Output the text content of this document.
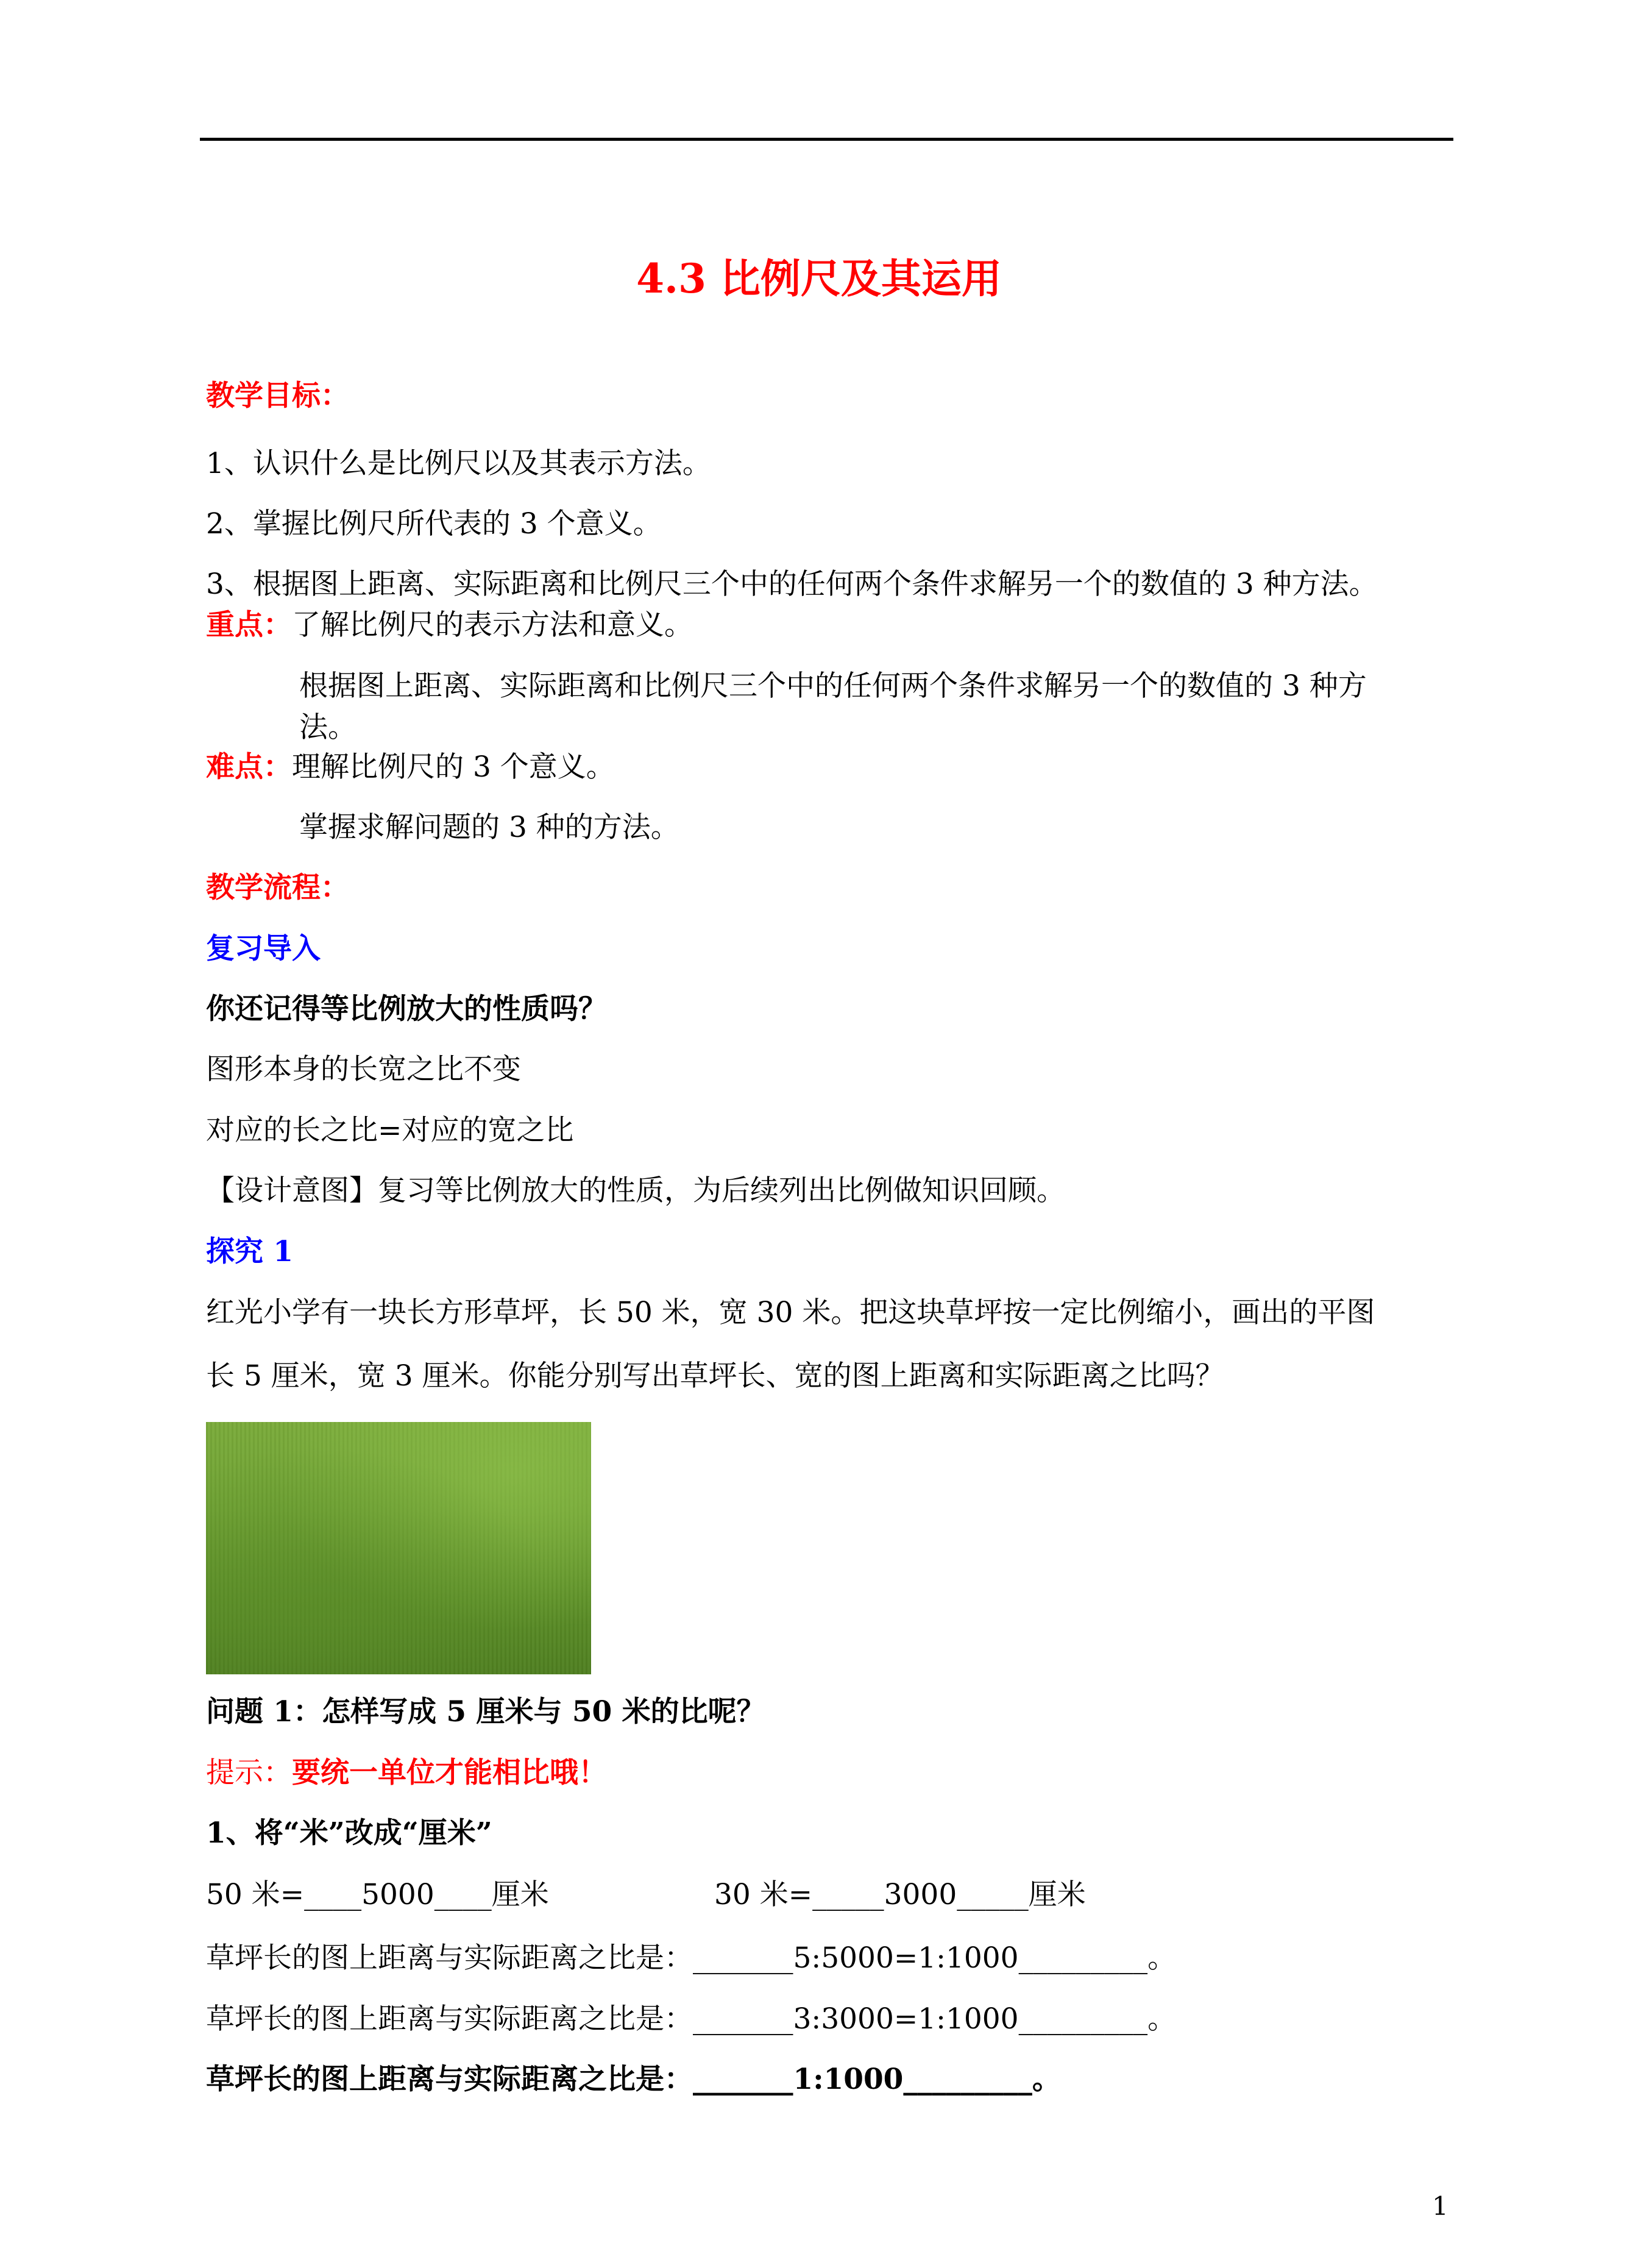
4.3 比例尺及其运用
教学目标：
1、认识什么是比例尺以及其表示方法。
2、掌握比例尺所代表的 3 个意义。
3、根据图上距离、实际距离和比例尺三个中的任何两个条件求解另一个的数值的 3 种方法。
重点：了解比例尺的表示方法和意义。
根据图上距离、实际距离和比例尺三个中的任何两个条件求解另一个的数值的 3 种方
法。
难点：理解比例尺的 3 个意义。
掌握求解问题的 3 种的方法。
教学流程：
复习导入
你还记得等比例放大的性质吗？
图形本身的长宽之比不变
对应的长之比=对应的宽之比
【设计意图】复习等比例放大的性质，为后续列出比例做知识回顾。
探究 1
红光小学有一块长方形草坪，长 50 米，宽 30 米。把这块草坪按一定比例缩小，画出的平图
长 5 厘米，宽 3 厘米。你能分别写出草坪长、宽的图上距离和实际距离之比吗？
问题 1：怎样写成 5 厘米与 50 米的比呢？
提示：要统一单位才能相比哦！
1、将“米”改成“厘米”
50 米=____5000____厘米	30 米=_____3000_____厘米
草坪长的图上距离与实际距离之比是：_______5:5000=1:1000_________。
草坪长的图上距离与实际距离之比是：_______3:3000=1:1000_________。
草坪长的图上距离与实际距离之比是：_______1:1000_________。
1
